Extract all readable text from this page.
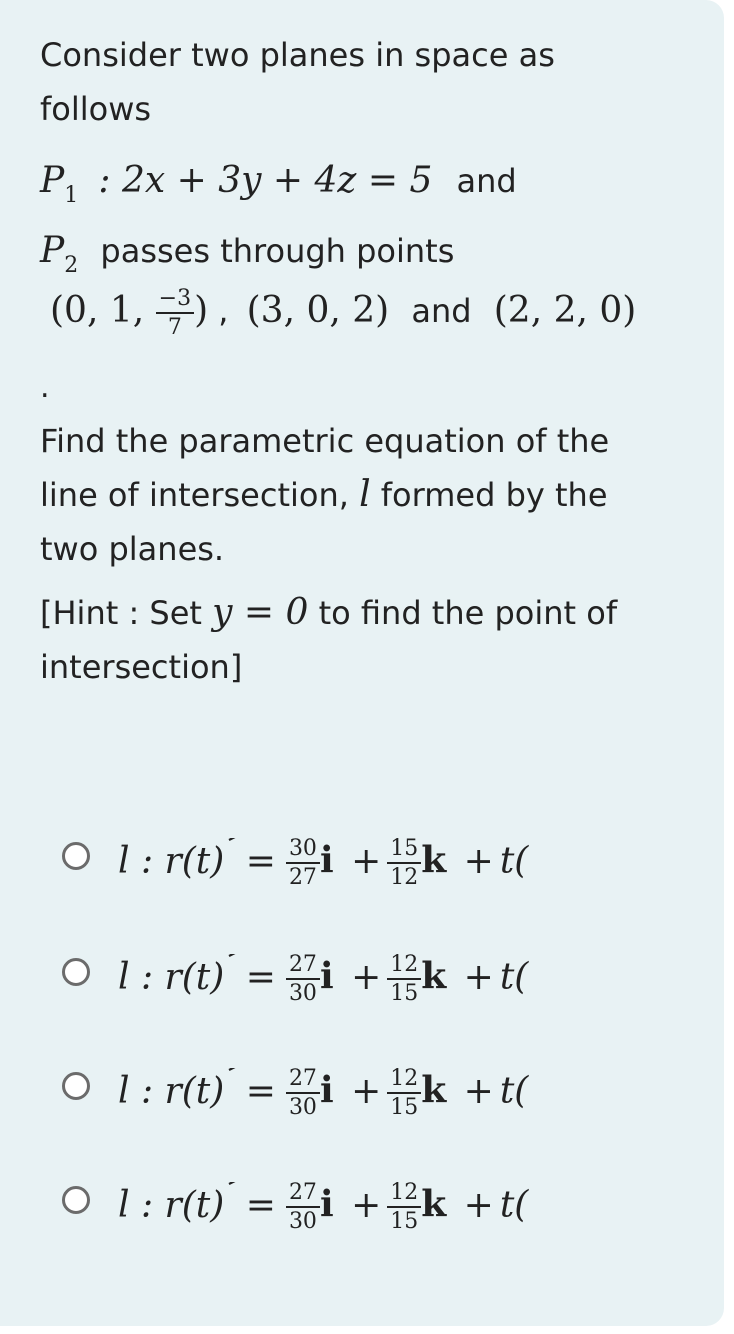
Consider two planes in space as
follows
$P_1$ : 2x + 3y + 4z = 5 and
$P_2$ passes through points
(0, 1, $\frac{-3}{7}$ ) , (3, 0, 2) and (2, 2, 0)
.
Find the parametric equation of the
line of intersection, l formed by the
two planes.
[Hint : Set y = 0 to find the point of
intersection]
l : $r(t) = \frac{30}{27}$ $i + \frac{15}{12}$ k + t(
l : $r(t) = \frac{27}{30}$ $i + \frac{12}{15}$ k + t(
l : $r(t) = \frac{27}{30}$ $i + \frac{12}{15}$ k + t(
l : $r(t) = \frac{27}{30}$ $i + \frac{12}{15}$ k + t(
